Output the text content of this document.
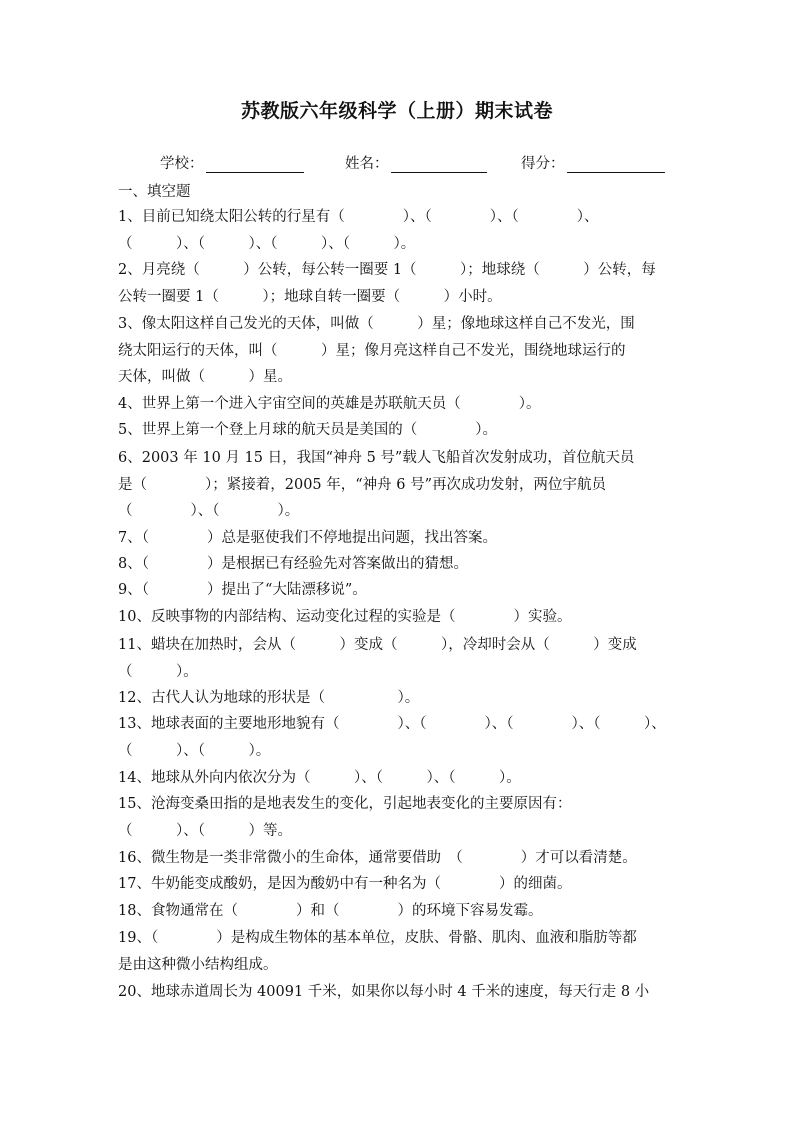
苏教版六年级科学（上册）期末试卷
学校：	姓名：	得分：
一、填空题
1、目前已知绕太阳公转的行星有（　　　　）、（　　　　）、（　　　　）、
（　　　）、（　　　）、（　　　）、（　　　）。
2、月亮绕（　　　）公转，每公转一圈要 1（　　　）；地球绕（　　　）公转，每
公转一圈要 1（　　　）；地球自转一圈要（　　　）小时。
3、像太阳这样自己发光的天体，叫做（　　　）星；像地球这样自己不发光，围
绕太阳运行的天体，叫（　　　）星；像月亮这样自己不发光，围绕地球运行的
天体，叫做（　　　）星。
4、世界上第一个进入宇宙空间的英雄是苏联航天员（　　　　）。
5、世界上第一个登上月球的航天员是美国的（　　　　）。
6、2003 年 10 月 15 日，我国“神舟 5 号”载人飞船首次发射成功，首位航天员
是（　　　　）；紧接着，2005 年，“神舟 6 号”再次成功发射，两位宇航员
（　　　　）、（　　　　）。
7、（　　　　）总是驱使我们不停地提出问题，找出答案。
8、（　　　　）是根据已有经验先对答案做出的猜想。
9、（　　　　）提出了“大陆漂移说”。
10、反映事物的内部结构、运动变化过程的实验是（　　　　）实验。
11、蜡块在加热时，会从（　　　）变成（　　　），冷却时会从（　　　）变成
（　　　）。
12、古代人认为地球的形状是（　　　　　）。
13、地球表面的主要地形地貌有（　　　　）、（　　　　）、（　　　　）、（　　　）、
（　　　）、（　　　）。
14、地球从外向内依次分为（　　　）、（　　　）、（　　　）。
15、沧海变桑田指的是地表发生的变化，引起地表变化的主要原因有：
（　　　）、（　　　）等。
16、微生物是一类非常微小的生命体，通常要借助　（　　　　）才可以看清楚。
17、牛奶能变成酸奶，是因为酸奶中有一种名为（　　　　）的细菌。
18、食物通常在（　　　　）和（　　　　）的环境下容易发霉。
19、（　　　　）是构成生物体的基本单位，皮肤、骨骼、肌肉、血液和脂肪等都
是由这种微小结构组成。
20、地球赤道周长为 40091 千米，如果你以每小时 4 千米的速度，每天行走 8 小
